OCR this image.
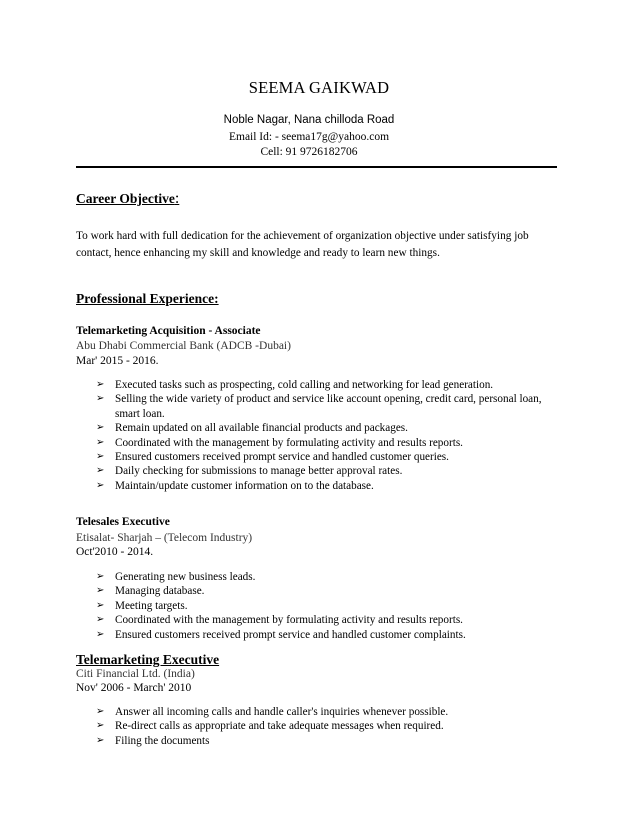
SEEMA GAIKWAD
Noble Nagar, Nana chilloda Road
Email Id: - seema17g@yahoo.com
Cell: 91 9726182706
Career Objective:
To work hard with full dedication for the achievement of organization objective under satisfying job
contact, hence enhancing my skill and knowledge and ready to learn new things.
Professional Experience:
Telemarketing Acquisition - Associate
Abu Dhabi Commercial Bank (ADCB -Dubai)
Mar' 2015 - 2016.
➢ Executed tasks such as prospecting, cold calling and networking for lead generation.
➢ Selling the wide variety of product and service like account opening, credit card, personal loan, smart loan.
➢ Remain updated on all available financial products and packages.
➢ Coordinated with the management by formulating activity and results reports.
➢ Ensured customers received prompt service and handled customer queries.
➢ Daily checking for submissions to manage better approval rates.
➢ Maintain/update customer information on to the database.
Telesales Executive
Etisalat- Sharjah – (Telecom Industry)
Oct'2010 - 2014.
➢ Generating new business leads.
➢ Managing database.
➢ Meeting targets.
➢ Coordinated with the management by formulating activity and results reports.
➢ Ensured customers received prompt service and handled customer complaints.
Telemarketing Executive
Citi Financial Ltd. (India)
Nov' 2006 - March' 2010
➢ Answer all incoming calls and handle caller's inquiries whenever possible.
➢ Re-direct calls as appropriate and take adequate messages when required.
➢ Filing the documents
